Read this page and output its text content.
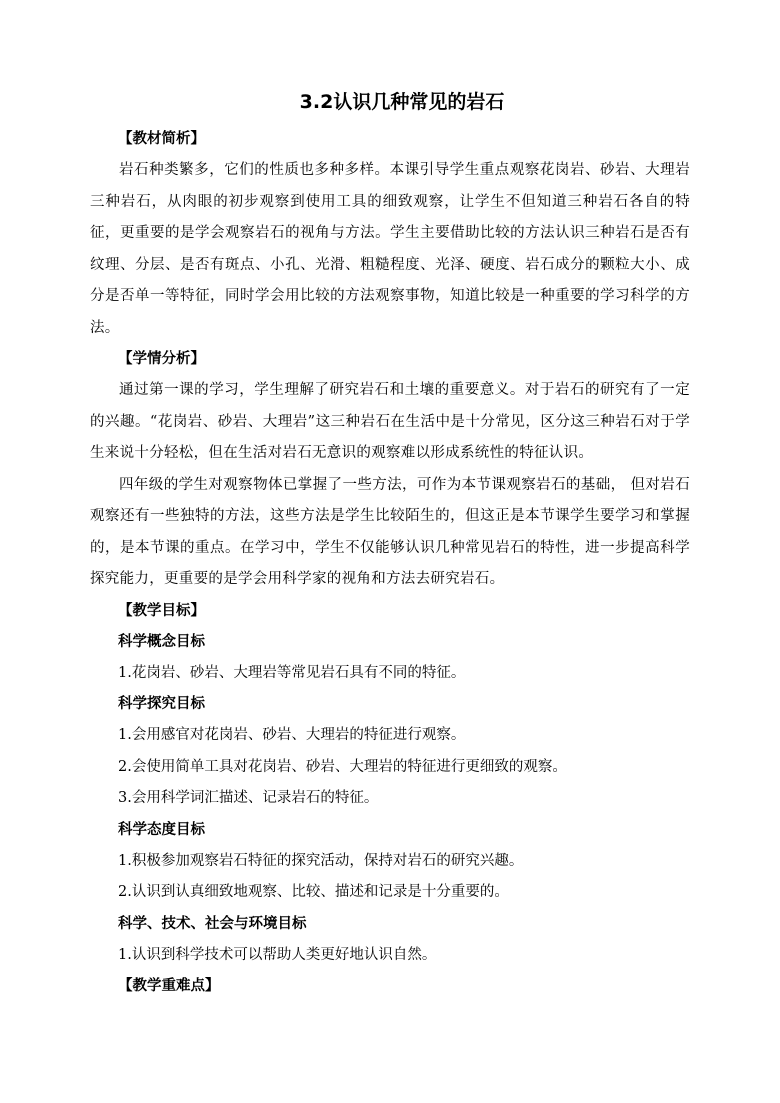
3.2认识几种常见的岩石

【教材简析】

岩石种类繁多，它们的性质也多种多样。本课引导学生重点观察花岗岩、砂岩、大理岩三种岩石，从肉眼的初步观察到使用工具的细致观察，让学生不但知道三种岩石各自的特征，更重要的是学会观察岩石的视角与方法。学生主要借助比较的方法认识三种岩石是否有纹理、分层、是否有斑点、小孔、光滑、粗糙程度、光泽、硬度、岩石成分的颗粒大小、成分是否单一等特征，同时学会用比较的方法观察事物，知道比较是一种重要的学习科学的方法。

【学情分析】

通过第一课的学习，学生理解了研究岩石和土壤的重要意义。对于岩石的研究有了一定的兴趣。“花岗岩、砂岩、大理岩”这三种岩石在生活中是十分常见，区分这三种岩石对于学生来说十分轻松，但在生活对岩石无意识的观察难以形成系统性的特征认识。

四年级的学生对观察物体已掌握了一些方法，可作为本节课观察岩石的基础， 但对岩石观察还有一些独特的方法，这些方法是学生比较陌生的，但这正是本节课学生要学习和掌握的，是本节课的重点。在学习中，学生不仅能够认识几种常见岩石的特性，进一步提高科学探究能力，更重要的是学会用科学家的视角和方法去研究岩石。

【教学目标】

科学概念目标

1.花岗岩、砂岩、大理岩等常见岩石具有不同的特征。

科学探究目标

1.会用感官对花岗岩、砂岩、大理岩的特征进行观察。

2.会使用简单工具对花岗岩、砂岩、大理岩的特征进行更细致的观察。

3.会用科学词汇描述、记录岩石的特征。

科学态度目标

1.积极参加观察岩石特征的探究活动，保持对岩石的研究兴趣。

2.认识到认真细致地观察、比较、描述和记录是十分重要的。

科学、技术、社会与环境目标

1.认识到科学技术可以帮助人类更好地认识自然。

【教学重难点】
